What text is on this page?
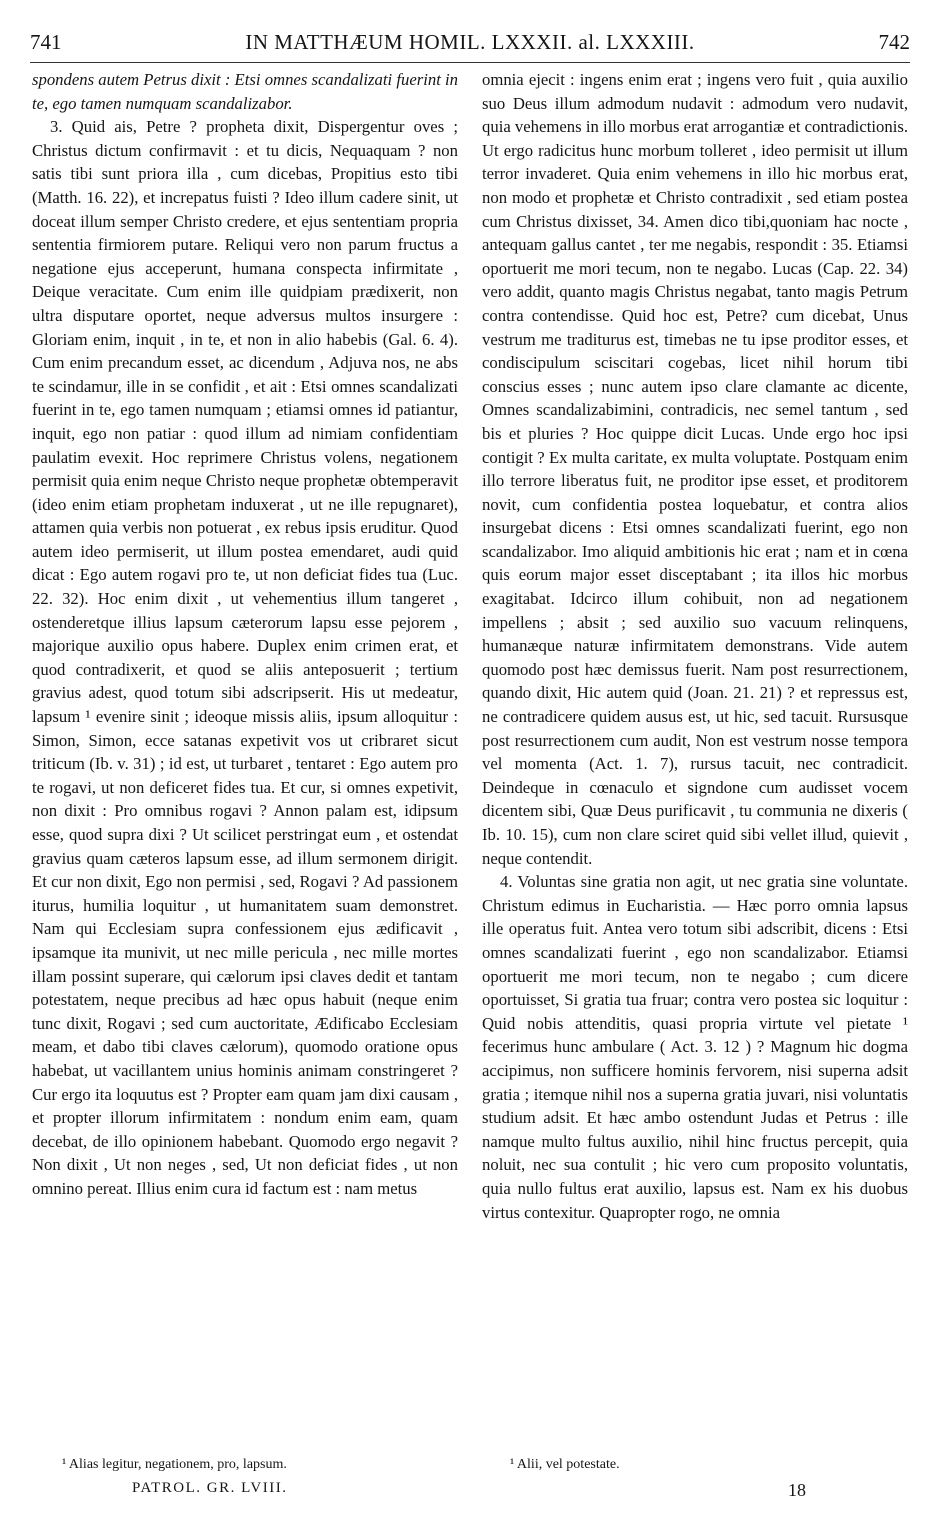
741	IN MATTHÆUM HOMIL. LXXXII. al. LXXXIII.	742

spondens autem Petrus dixit : Etsi omnes scandalizati fuerint in te, ego tamen numquam scandalizabor.

3. Quid ais, Petre ? propheta dixit, Dispergentur oves ; Christus dictum confirmavit : et tu dicis, Nequaquam ? non satis tibi sunt priora illa , cum dicebas, Propitius esto tibi (Matth. 16. 22), et increpatus fuisti ? Ideo illum cadere sinit, ut doceat illum semper Christo credere, et ejus sententiam propria sententia firmiorem putare. Reliqui vero non parum fructus a negatione ejus acceperunt, humana conspecta infirmitate , Deique veracitate. Cum enim ille quidpiam prædixerit, non ultra disputare oportet, neque adversus multos insurgere : Gloriam enim, inquit , in te, et non in alio habebis (Gal. 6. 4). Cum enim precandum esset, ac dicendum , Adjuva nos, ne abs te scindamur, ille in se confidit , et ait : Etsi omnes scandalizati fuerint in te, ego tamen numquam ; etiamsi omnes id patiantur, inquit, ego non patiar : quod illum ad nimiam confidentiam paulatim evexit. Hoc reprimere Christus volens, negationem permisit quia enim neque Christo neque prophetæ obtemperavit (ideo enim etiam prophetam induxerat , ut ne ille repugnaret), attamen quia verbis non potuerat , ex rebus ipsis eruditur. Quod autem ideo permiserit, ut illum postea emendaret, audi quid dicat : Ego autem rogavi pro te, ut non deficiat fides tua (Luc. 22. 32). Hoc enim dixit , ut vehementius illum tangeret , ostenderetque illius lapsum cæterorum lapsu esse pejorem , majorique auxilio opus habere. Duplex enim crimen erat, et quod contradixerit, et quod se aliis anteposuerit ; tertium gravius adest, quod totum sibi adscripserit. His ut medeatur, lapsum ¹ evenire sinit ; ideoque missis aliis, ipsum alloquitur : Simon, Simon, ecce satanas expetivit vos ut cribraret sicut triticum (Ib. v. 31) ; id est, ut turbaret , tentaret : Ego autem pro te rogavi, ut non deficeret fides tua. Et cur, si omnes expetivit, non dixit : Pro omnibus rogavi ? Annon palam est, idipsum esse, quod supra dixi ? Ut scilicet perstringat eum , et ostendat gravius quam cæteros lapsum esse, ad illum sermonem dirigit. Et cur non dixit, Ego non permisi , sed, Rogavi ? Ad passionem iturus, humilia loquitur , ut humanitatem suam demonstret. Nam qui Ecclesiam supra confessionem ejus ædificavit , ipsamque ita munivit, ut nec mille pericula , nec mille mortes illam possint superare, qui cælorum ipsi claves dedit et tantam potestatem, neque precibus ad hæc opus habuit (neque enim tunc dixit, Rogavi ; sed cum auctoritate, Ædificabo Ecclesiam meam, et dabo tibi claves cælorum), quomodo oratione opus habebat, ut vacillantem unius hominis animam constringeret ? Cur ergo ita loquutus est ? Propter eam quam jam dixi causam , et propter illorum infirmitatem : nondum enim eam, quam decebat, de illo opinionem habebant. Quomodo ergo negavit ? Non dixit , Ut non neges , sed, Ut non deficiat fides , ut non omnino pereat. Illius enim cura id factum est : nam metus

omnia ejecit : ingens enim erat ; ingens vero fuit , quia auxilio suo Deus illum admodum nudavit : admodum vero nudavit, quia vehemens in illo morbus erat arrogantiæ et contradictionis. Ut ergo radicitus hunc morbum tolleret , ideo permisit ut illum terror invaderet. Quia enim vehemens in illo hic morbus erat, non modo et prophetæ et Christo contradixit , sed etiam postea cum Christus dixisset, 34. Amen dico tibi,quoniam hac nocte , antequam gallus cantet , ter me negabis, respondit : 35. Etiamsi oportuerit me mori tecum, non te negabo. Lucas (Cap. 22. 34) vero addit, quanto magis Christus negabat, tanto magis Petrum contra contendisse. Quid hoc est, Petre? cum dicebat, Unus vestrum me traditurus est, timebas ne tu ipse proditor esses, et condiscipulum sciscitari cogebas, licet nihil horum tibi conscius esses ; nunc autem ipso clare clamante ac dicente, Omnes scandalizabimini, contradicis, nec semel tantum , sed bis et pluries ? Hoc quippe dicit Lucas. Unde ergo hoc ipsi contigit ? Ex multa caritate, ex multa voluptate. Postquam enim illo terrore liberatus fuit, ne proditor ipse esset, et proditorem novit, cum confidentia postea loquebatur, et contra alios insurgebat dicens : Etsi omnes scandalizati fuerint, ego non scandalizabor. Imo aliquid ambitionis hic erat ; nam et in cœna quis eorum major esset disceptabant ; ita illos hic morbus exagitabat. Idcirco illum cohibuit, non ad negationem impellens ; absit ; sed auxilio suo vacuum relinquens, humanæque naturæ infirmitatem demonstrans. Vide autem quomodo post hæc demissus fuerit. Nam post resurrectionem, quando dixit, Hic autem quid (Joan. 21. 21) ? et repressus est, ne contradicere quidem ausus est, ut hic, sed tacuit. Rursusque post resurrectionem cum audit, Non est vestrum nosse tempora vel momenta (Act. 1. 7), rursus tacuit, nec contradicit. Deindeque in cœnaculo et signdone cum audisset vocem dicentem sibi, Quæ Deus purificavit , tu communia ne dixeris ( Ib. 10. 15), cum non clare sciret quid sibi vellet illud, quievit , neque contendit.

4. Voluntas sine gratia non agit, ut nec gratia sine voluntate. Christum edimus in Eucharistia. — Hæc porro omnia lapsus ille operatus fuit. Antea vero totum sibi adscribit, dicens : Etsi omnes scandalizati fuerint , ego non scandalizabor. Etiamsi oportuerit me mori tecum, non te negabo ; cum dicere oportuisset, Si gratia tua fruar; contra vero postea sic loquitur : Quid nobis attenditis, quasi propria virtute vel pietate ¹ fecerimus hunc ambulare ( Act. 3. 12 ) ? Magnum hic dogma accipimus, non sufficere hominis fervorem, nisi superna adsit gratia ; itemque nihil nos a superna gratia juvari, nisi voluntatis studium adsit. Et hæc ambo ostendunt Judas et Petrus : ille namque multo fultus auxilio, nihil hinc fructus percepit, quia noluit, nec sua contulit ; hic vero cum proposito voluntatis, quia nullo fultus erat auxilio, lapsus est. Nam ex his duobus virtus contexitur. Quapropter rogo, ne omnia

¹ Alias legitur, negationem, pro, lapsum.	¹ Alii, vel potestate.
PATROL. GR. LVIII.	18
